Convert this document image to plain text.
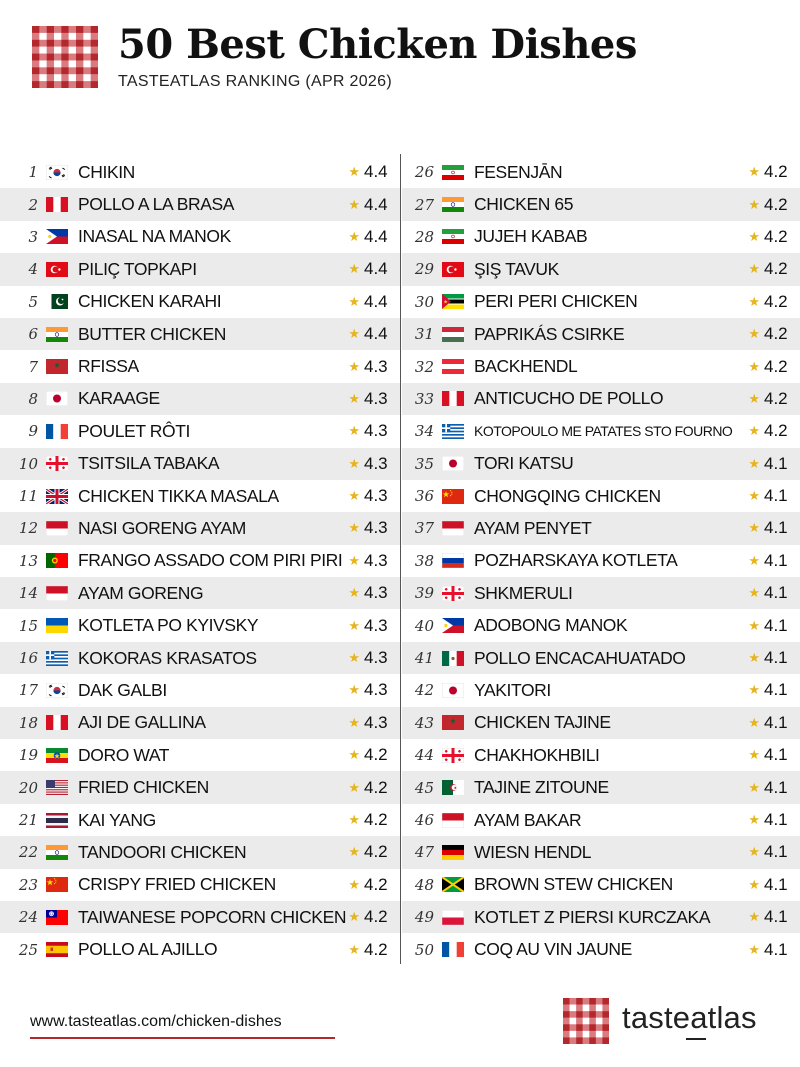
50 Best Chicken Dishes
TASTEATLAS RANKING (APR 2026)
1 CHIKIN	★ 4.4
2 POLLO A LA BRASA	★ 4.4
3 INASAL NA MANOK	★ 4.4
4 PILIÇ TOPKAPI	★ 4.4
5 CHICKEN KARAHI	★ 4.4
6 BUTTER CHICKEN	★ 4.4
7 RFISSA	★ 4.3
8 KARAAGE	★ 4.3
9 POULET RÔTI	★ 4.3
10 TSITSILA TABAKA	★ 4.3
11 CHICKEN TIKKA MASALA	★ 4.3
12 NASI GORENG AYAM	★ 4.3
13 FRANGO ASSADO COM PIRI PIRI ★ 4.3
14 AYAM GORENG	★ 4.3
15 KOTLETA PO KYIVSKY	★ 4.3
16 KOKORAS KRASATOS	★ 4.3
17 DAK GALBI	★ 4.3
18 AJI DE GALLINA	★ 4.3
19 DORO WAT	★ 4.2
20 FRIED CHICKEN	★ 4.2
21 KAI YANG	★ 4.2
22 TANDOORI CHICKEN	★ 4.2
23 CRISPY FRIED CHICKEN	★ 4.2
24 TAIWANESE POPCORN CHICKEN ★ 4.2
25 POLLO AL AJILLO	★ 4.2
26 FESENJĀN	★ 4.2
27 CHICKEN 65	★ 4.2
28 JUJEH KABAB	★ 4.2
29 ŞIŞ TAVUK	★ 4.2
30 PERI PERI CHICKEN	★ 4.2
31 PAPRIKÁS CSIRKE	★ 4.2
32 BACKHENDL	★ 4.2
33 ANTICUCHO DE POLLO	★ 4.2
34	KOTOPOULO ME PATATES STO FOURNO	★ 4.2
35 TORI KATSU	★ 4.1
36 CHONGQING CHICKEN	★ 4.1
37 AYAM PENYET	★ 4.1
38 POZHARSKAYA KOTLETA	★ 4.1
39 SHKMERULI	★ 4.1
40 ADOBONG MANOK	★ 4.1
41 POLLO ENCACAHUATADO	★ 4.1
42 YAKITORI	★ 4.1
43 CHICKEN TAJINE	★ 4.1
44 CHAKHOKHBILI	★ 4.1
45 TAJINE ZITOUNE	★ 4.1
46 AYAM BAKAR	★ 4.1
47 WIESN HENDL	★ 4.1
48 BROWN STEW CHICKEN	★ 4.1
49 KOTLET Z PIERSI KURCZAKA	★ 4.1
50 COQ AU VIN JAUNE	★ 4.1
www.tasteatlas.com/chicken-dishes	tasteatlas
